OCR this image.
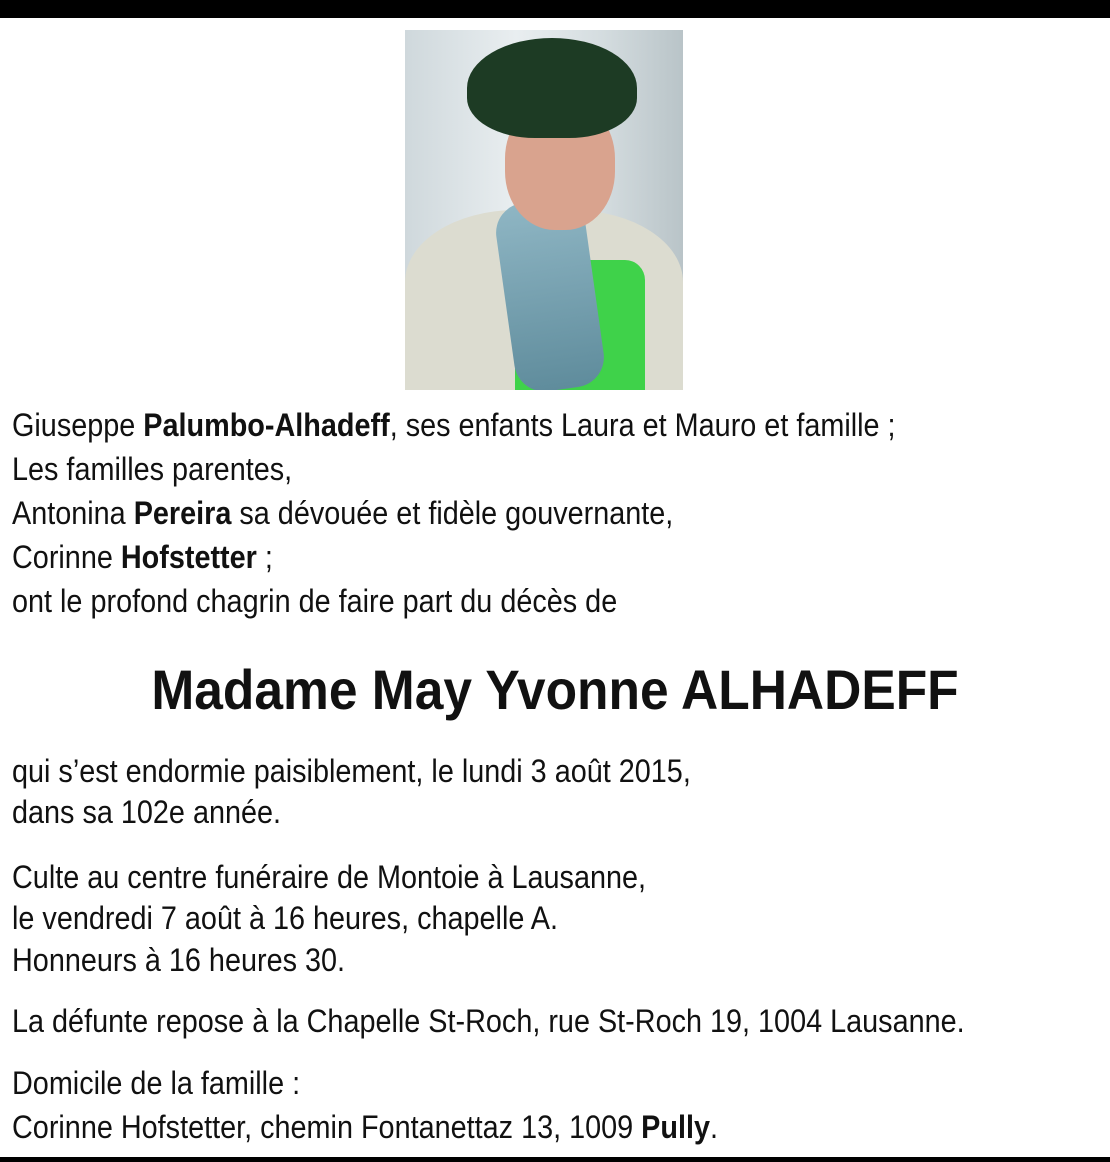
Giuseppe Palumbo-Alhadeff, ses enfants Laura et Mauro et famille ;
Les familles parentes,
Antonina Pereira sa dévouée et fidèle gouvernante,
Corinne Hofstetter ;
ont le profond chagrin de faire part du décès de
Madame May Yvonne ALHADEFF
qui s’est endormie paisiblement, le lundi 3 août 2015,
dans sa 102e année.
Culte au centre funéraire de Montoie à Lausanne,
le vendredi 7 août à 16 heures, chapelle A.
Honneurs à 16 heures 30.
La défunte repose à la Chapelle St-Roch, rue St-Roch 19, 1004 Lausanne.
Domicile de la famille :
Corinne Hofstetter, chemin Fontanettaz 13, 1009 Pully.
